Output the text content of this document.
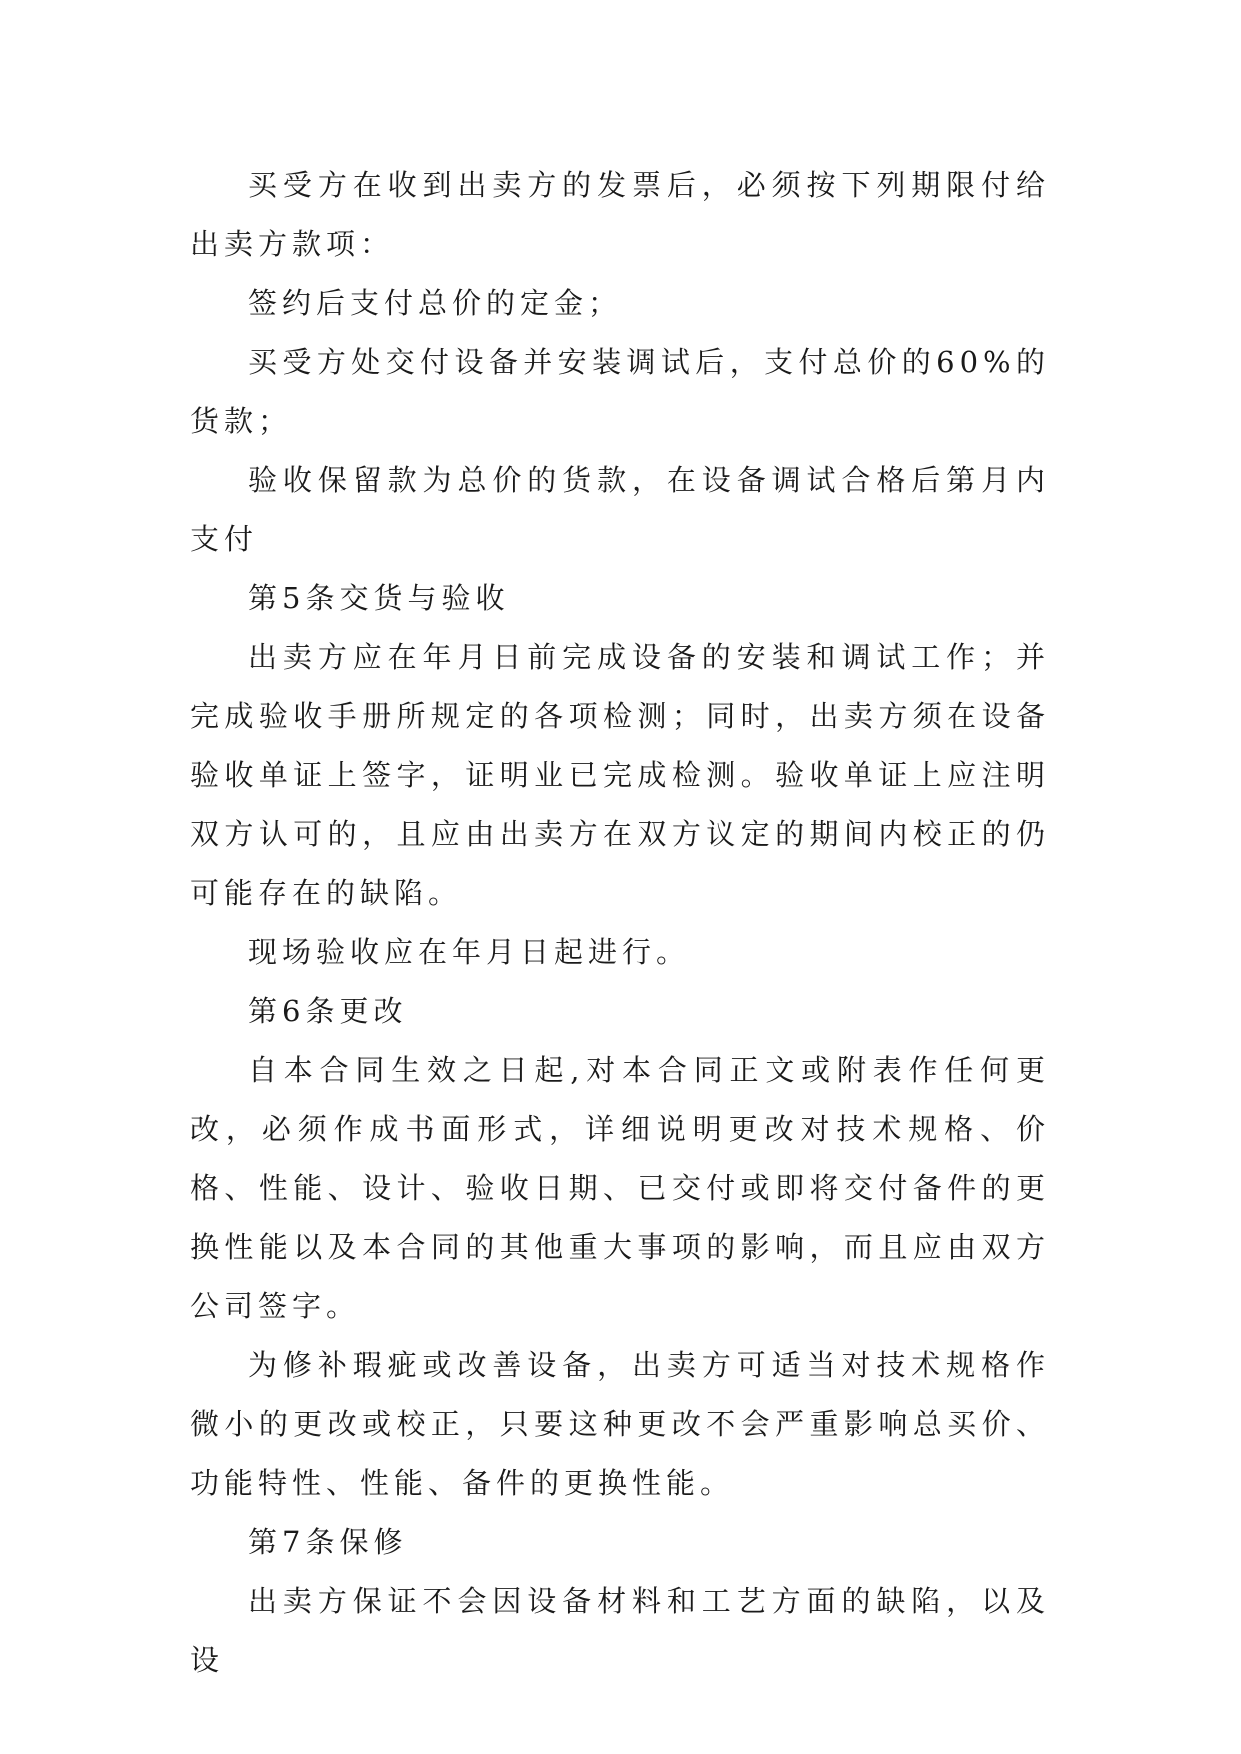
买受方在收到出卖方的发票后，必须按下列期限付给出卖方款项：

签约后支付总价的定金；

买受方处交付设备并安装调试后，支付总价的60%的货款；

验收保留款为总价的货款，在设备调试合格后第月内支付

第5条交货与验收

出卖方应在年月日前完成设备的安装和调试工作；并完成验收手册所规定的各项检测；同时，出卖方须在设备验收单证上签字，证明业已完成检测。验收单证上应注明双方认可的，且应由出卖方在双方议定的期间内校正的仍可能存在的缺陷。

现场验收应在年月日起进行。

第6条更改

自本合同生效之日起,对本合同正文或附表作任何更改，必须作成书面形式，详细说明更改对技术规格、价格、性能、设计、验收日期、已交付或即将交付备件的更换性能以及本合同的其他重大事项的影响，而且应由双方公司签字。

为修补瑕疵或改善设备，出卖方可适当对技术规格作微小的更改或校正，只要这种更改不会严重影响总买价、功能特性、性能、备件的更换性能。

第7条保修

出卖方保证不会因设备材料和工艺方面的缺陷，以及设
